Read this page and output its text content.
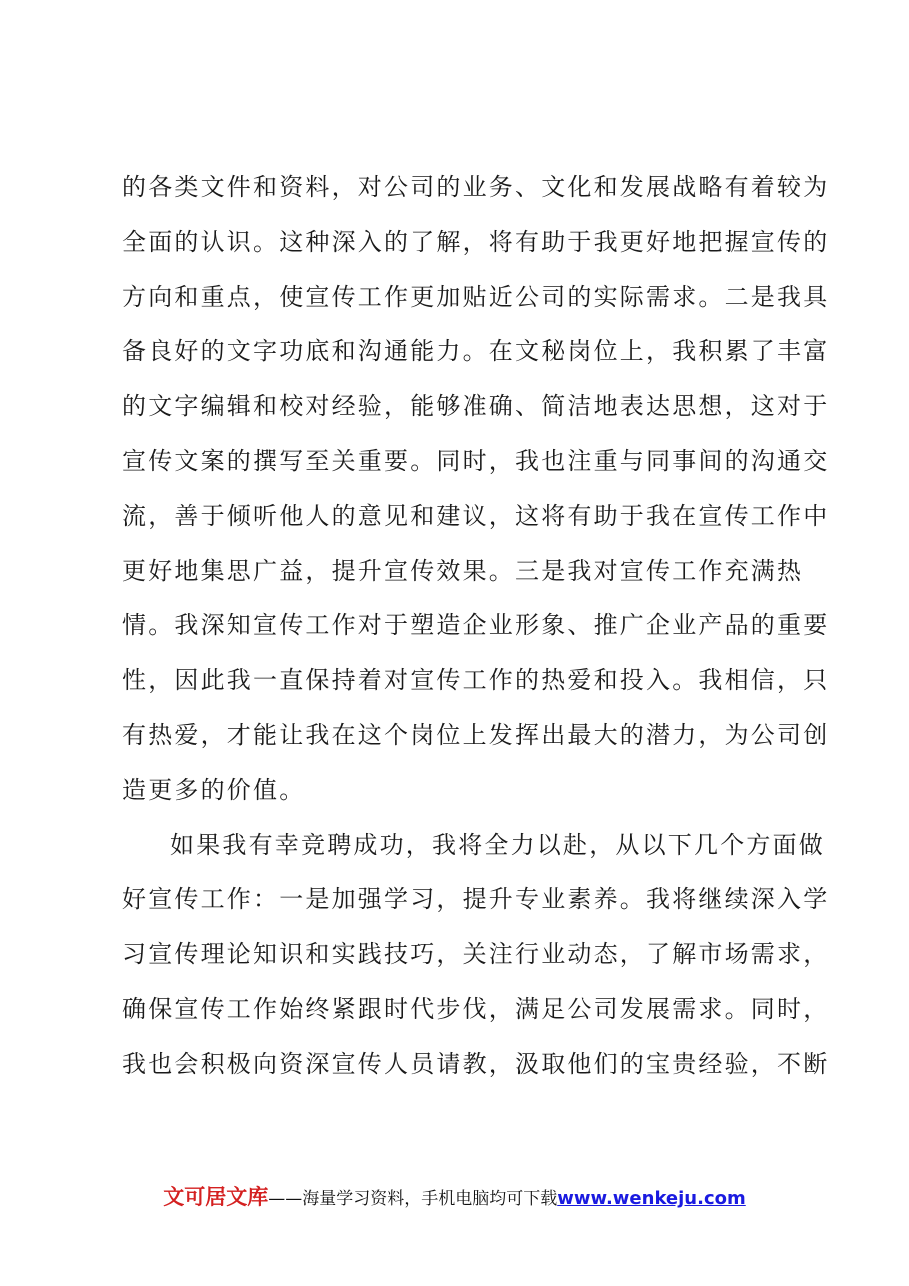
的各类文件和资料，对公司的业务、文化和发展战略有着较为
全面的认识。这种深入的了解，将有助于我更好地把握宣传的
方向和重点，使宣传工作更加贴近公司的实际需求。二是我具
备良好的文字功底和沟通能力。在文秘岗位上，我积累了丰富
的文字编辑和校对经验，能够准确、简洁地表达思想，这对于
宣传文案的撰写至关重要。同时，我也注重与同事间的沟通交
流，善于倾听他人的意见和建议，这将有助于我在宣传工作中
更好地集思广益，提升宣传效果。三是我对宣传工作充满热
情。我深知宣传工作对于塑造企业形象、推广企业产品的重要
性，因此我一直保持着对宣传工作的热爱和投入。我相信，只
有热爱，才能让我在这个岗位上发挥出最大的潜力，为公司创
造更多的价值。
如果我有幸竞聘成功，我将全力以赴，从以下几个方面做
好宣传工作：一是加强学习，提升专业素养。我将继续深入学
习宣传理论知识和实践技巧，关注行业动态，了解市场需求，
确保宣传工作始终紧跟时代步伐，满足公司发展需求。同时，
我也会积极向资深宣传人员请教，汲取他们的宝贵经验，不断
文可居文库——海量学习资料，手机电脑均可下载www.wenkeju.com
